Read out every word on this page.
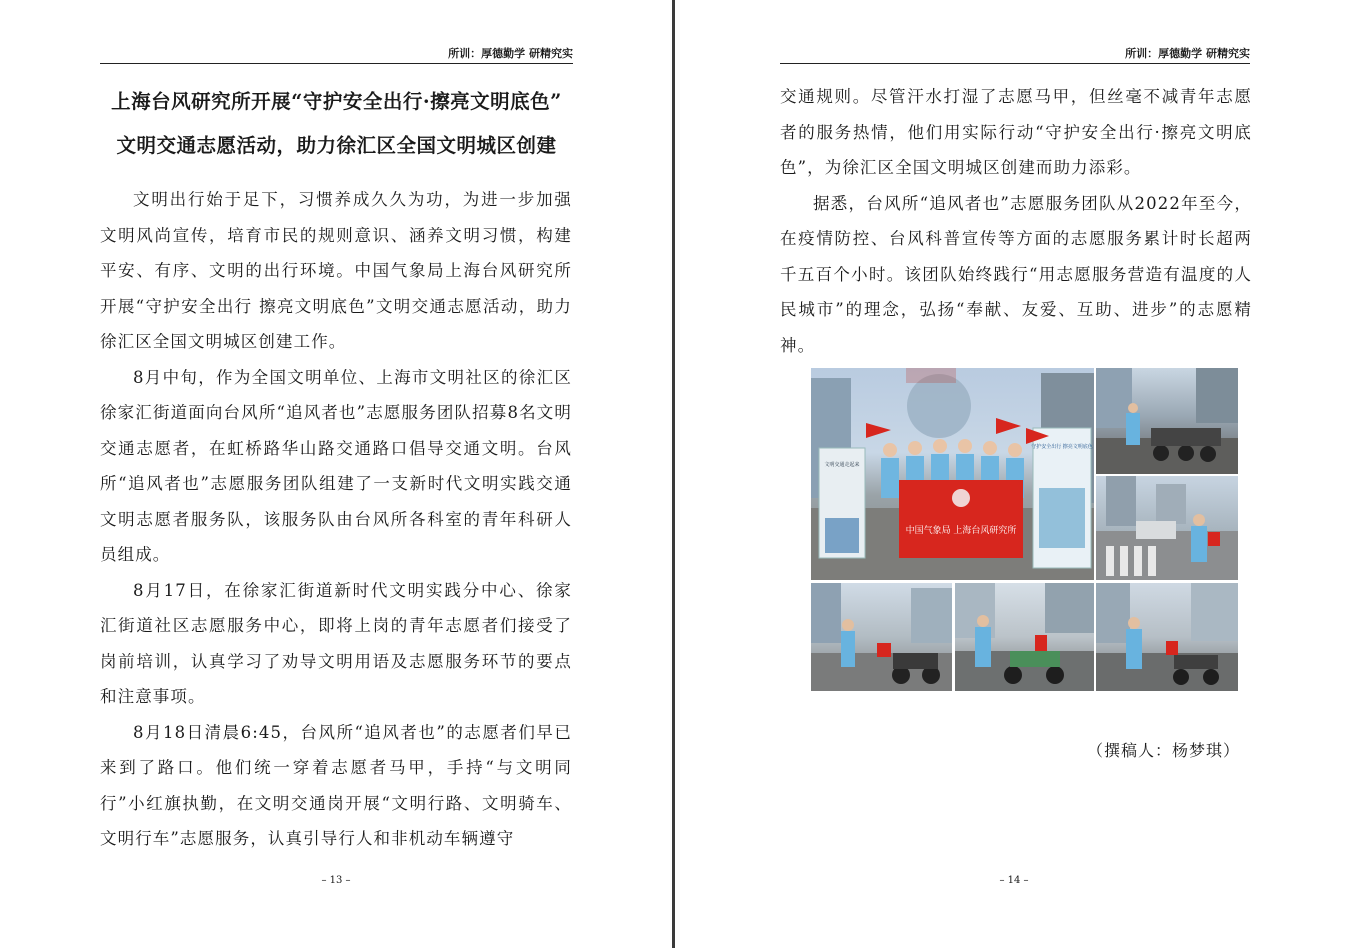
所训：厚德勤学 研精究实
上海台风研究所开展“守护安全出行·擦亮文明底色”
文明交通志愿活动，助力徐汇区全国文明城区创建

文明出行始于足下，习惯养成久久为功，为进一步加强文明风尚宣传，培育市民的规则意识、涵养文明习惯，构建平安、有序、文明的出行环境。中国气象局上海台风研究所开展“守护安全出行 擦亮文明底色”文明交通志愿活动，助力徐汇区全国文明城区创建工作。

8月中旬，作为全国文明单位、上海市文明社区的徐汇区徐家汇街道面向台风所“追风者也”志愿服务团队招募8名文明交通志愿者，在虹桥路华山路交通路口倡导交通文明。台风所“追风者也”志愿服务团队组建了一支新时代文明实践交通文明志愿者服务队，该服务队由台风所各科室的青年科研人员组成。

8月17日，在徐家汇街道新时代文明实践分中心、徐家汇街道社区志愿服务中心，即将上岗的青年志愿者们接受了岗前培训，认真学习了劝导文明用语及志愿服务环节的要点和注意事项。

8月18日清晨6:45，台风所“追风者也”的志愿者们早已来到了路口。他们统一穿着志愿者马甲，手持“与文明同行”小红旗执勤，在文明交通岗开展“文明行路、文明骑车、文明行车”志愿服务，认真引导行人和非机动车辆遵守

– 13 –
所训：厚德勤学 研精究实

交通规则。尽管汗水打湿了志愿马甲，但丝毫不减青年志愿者的服务热情，他们用实际行动“守护安全出行·擦亮文明底色”，为徐汇区全国文明城区创建而助力添彩。

据悉，台风所“追风者也”志愿服务团队从2022年至今，在疫情防控、台风科普宣传等方面的志愿服务累计时长超两千五百个小时。该团队始终践行“用志愿服务营造有温度的人民城市”的理念，弘扬“奉献、友爱、互助、进步”的志愿精神。

文明交通走起来
守护安全出行 擦亮文明底色
中国气象局 上海台风研究所
（撰稿人：杨梦琪）
– 14 –
